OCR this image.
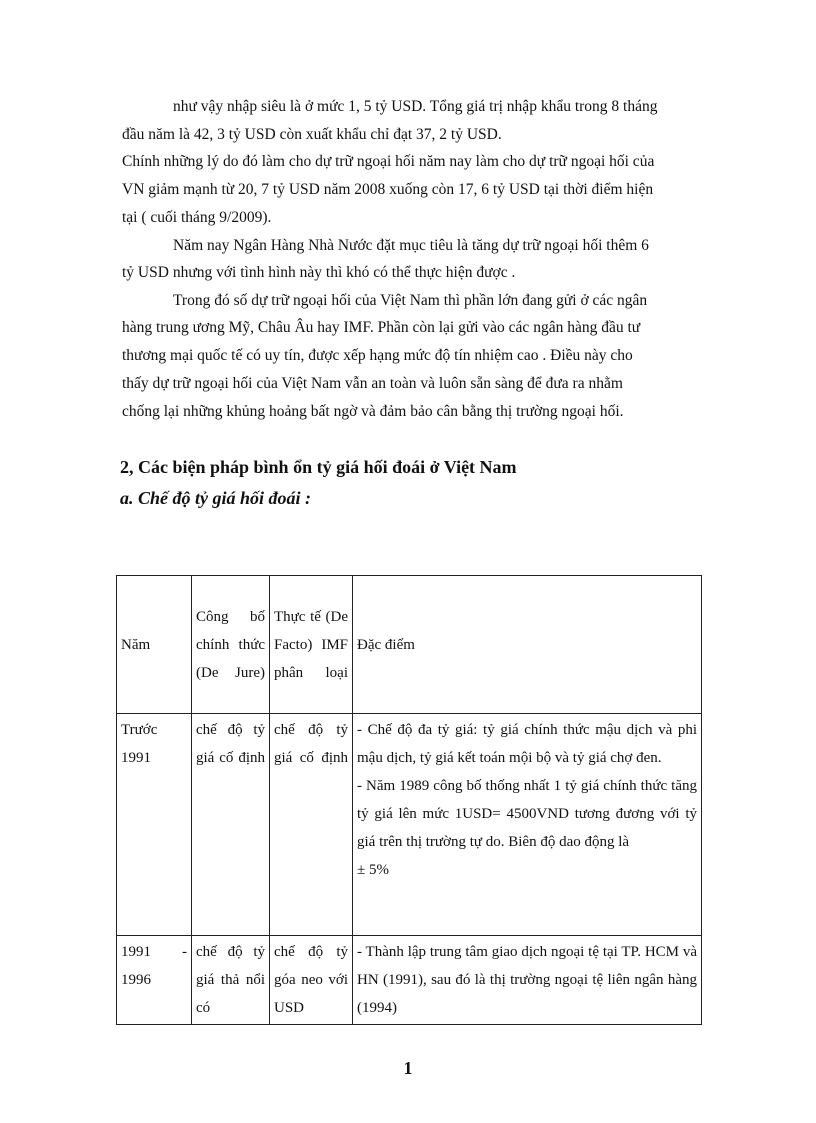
như vậy nhập siêu là ở mức 1, 5 tỷ USD. Tổng giá trị nhập khẩu trong 8 tháng
đầu năm là 42, 3 tỷ USD còn xuất khẩu chỉ đạt 37, 2 tỷ USD.
Chính những lý do đó làm cho dự trữ ngoại hối năm nay làm cho dự trữ ngoại hối của
VN giảm mạnh từ 20, 7 tỷ USD năm 2008 xuống còn 17, 6 tỷ USD tại thời điểm hiện
tại ( cuối tháng 9/2009).
Năm nay Ngân Hàng Nhà Nước đặt mục tiêu là tăng dự trữ ngoại hối thêm 6
tỷ USD nhưng với tình hình này thì khó có thể thực hiện được .
Trong đó số dự trữ ngoại hối của Việt Nam thì phần lớn đang gửi ở các ngân
hàng trung ương Mỹ, Châu Âu hay IMF. Phần còn lại gửi vào các ngân hàng đầu tư
thương mại quốc tế có uy tín, được xếp hạng mức độ tín nhiệm cao . Điều này cho
thấy dự trữ ngoại hối của Việt Nam vẫn an toàn và luôn sẵn sàng để đưa ra nhằm
chống lại những khủng hoảng bất ngờ và đảm bảo cân bằng thị trường ngoại hối.
2, Các biện pháp bình ổn tỷ giá hối đoái ở Việt Nam
a. Chế độ tỷ giá hối đoái :
Năm	Công bố chính thức (De Jure)	Thực tế (De Facto) IMF phân loại	Đặc điểm
Trước 1991	chế độ tỷ giá cố định	chế độ tỷ giá cố định	- Chế độ đa tỷ giá: tỷ giá chính thức mậu dịch và phi mậu dịch, tỷ giá kết toán mội bộ và tỷ giá chợ đen.
- Năm 1989 công bố thống nhất 1 tỷ giá chính thức tăng tỷ giá lên mức 1USD= 4500VND tương đương với tỷ giá trên thị trường tự do. Biên độ dao động là
± 5%

1991 - 1996	chế độ tỷ giá thả nổi có	chế độ tỷ góa neo với USD	- Thành lập trung tâm giao dịch ngoại tệ tại TP. HCM và HN (1991), sau đó là thị trường ngoại tệ liên ngân hàng (1994)
1
